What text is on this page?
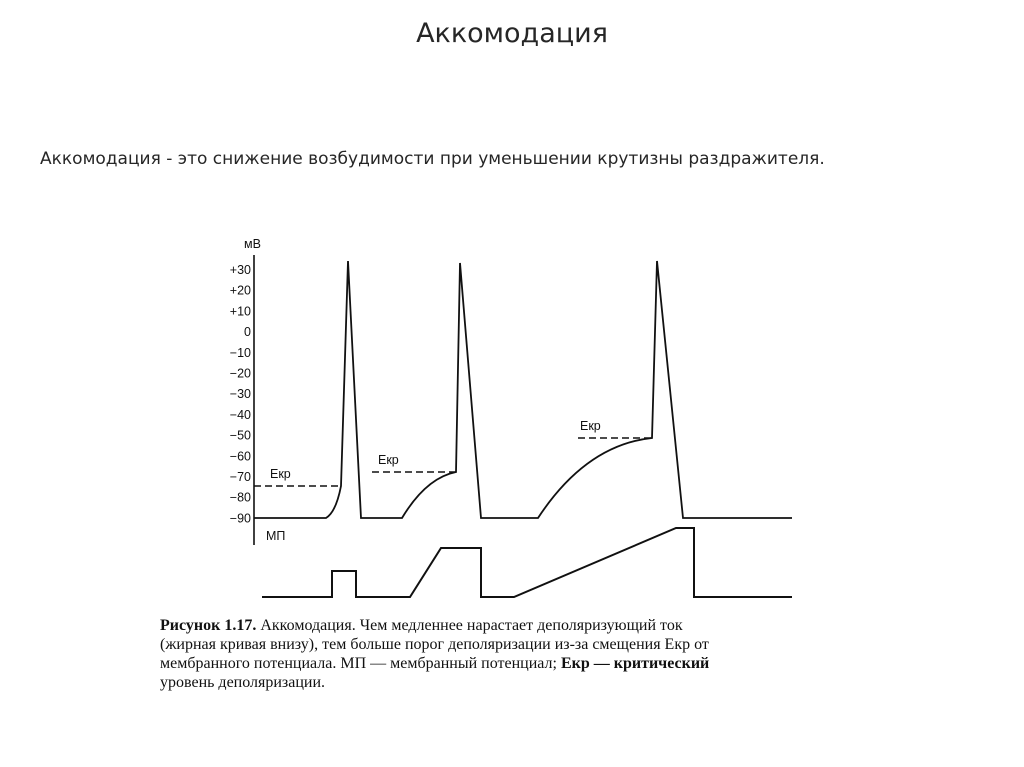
Аккомодация
Аккомодация - это снижение возбудимости при уменьшении крутизны раздражителя.
мВ
+30
+20
+10
0
−10
−20
−30
−40
−50
−60
−70
−80
−90
Екр
Екр
Екр
МП
Рисунок 1.17. Аккомодация. Чем медленнее нарастает деполяризующий ток
(жирная кривая внизу), тем больше порог деполяризации из-за смещения Eкр от
мембранного потенциала. МП — мембранный потенциал; Eкр — критический
уровень деполяризации.
